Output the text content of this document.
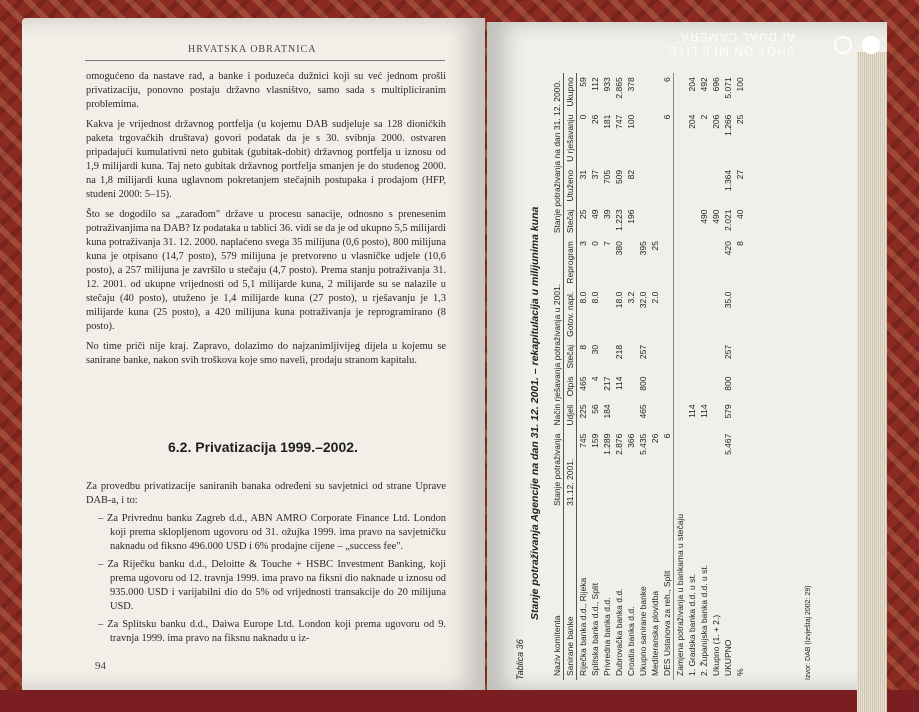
HRVATSKA OBRATNICA

omogućeno da nastave rad, a banke i poduzeća dužnici koji su već jednom prošli privatizaciju, ponovno postaju državno vlasništvo, samo sada s multipliciranim problemima.

Kakva je vrijednost državnog portfelja (u kojemu DAB sudjeluje sa 128 dioničkih paketa trgovačkih društava) govori podatak da je s 30. svibnja 2000. ostvaren pripadajući kumulativni neto gubitak (gubitak-dobit) državnog portfelja u iznosu od 1,9 milijardi kuna. Taj neto gubitak državnog portfelja smanjen je do studenog 2000. na 1,8 milijardi kuna uglavnom pokretanjem stečajnih postupaka i prodajom (HFP, studeni 2000: 5–15).

Što se dogodilo sa „zarađom" države u procesu sanacije, odnosno s prenesenim potraživanjima na DAB? Iz podataka u tablici 36. vidi se da je od ukupno 5,5 milijardi kuna potraživanja 31. 12. 2000. naplaćeno svega 35 milijuna (0,6 posto), 800 milijuna kuna je otpisano (14,7 posto), 579 milijuna je pretvoreno u vlasničke udjele (10,6 posto), a 257 milijuna je završilo u stečaju (4,7 posto). Prema stanju potraživanja 31. 12. 2001. od ukupne vrijednosti od 5,1 milijarde kuna, 2 milijarde su se nalazile u stečaju (40 posto), utuženo je 1,4 milijarde kuna (27 posto), u rješavanju je 1,3 milijarde kuna (25 posto), a 420 milijuna kuna potraživanja je reprogramirano (8 posto).

No time priči nije kraj. Zapravo, dolazimo do najzanimljivijeg dijela u kojemu se sanirane banke, nakon svih troškova koje smo naveli, prodaju stranom kapitalu.

6.2. Privatizacija 1999.–2002.

Za provedbu privatizacije saniranih banaka određeni su savjetnici od strane Uprave DAB-a, i to:

– Za Privrednu banku Zagreb d.d., ABN AMRO Corporate Finance Ltd. London koji prema sklopljenom ugovoru od 31. ožujka 1999. ima pravo na savjetničku naknadu od fiksno 496.000 USD i 6% prodajne cijene – „success fee".

– Za Riječku banku d.d., Deloitte & Touche + HSBC Investment Banking, koji prema ugovoru od 12. travnja 1999. ima pravo na fiksni dio naknade u iznosu od 935.000 USD i varijabilni dio do 5% od vrijednosti transakcije do 20 milijuna USD.

– Za Splitsku banku d.d., Daiwa Europe Ltd. London koji prema ugovoru od 9. travnja 1999. ima pravo na fiksnu naknadu u iz-

94	Tablica 36
Stanje potraživanja Agencije na dan 31. 12. 2001. – rekapitulacija u milijunima kuna
Naziv komitenta	Stanje potraživanja	Način rješavanja potraživanja u 2001.					Stanje potraživanja na dan 31. 12. 2000.			
Sanirane banke	31.12. 2001.	Udjeli	Otpis	Stečaj	Gotov. napl.	Reprogram	Stečaj	Utuženo	U rješavanju	Ukupno
Riječka banka d.d., Rijeka	745	225	465	8	8.0	3	25	31	0	59
Splitska banka d.d., Split	159	56	4	30	8.0	0	49	37	26	112
Privredna banka d.d.	1.289	184	217			7	39	705	181	933
Dubrovačka banka d.d.	2.876		114	218	18.0	380	1.223	509	747	2.865
Croatia banka d.d.	366				3.2		196	82	100	378
Ukupno sanirane banke	5.435	465	800	257	32.0	395				
Mediteranska plovidba	26				2.0	25				
DES Ustanova za reh., Split	6								6	6
Zamjena potraživanja u bankama u stečaju										
1. Gradska banka d.d. u st.		114							204	204
2. Županijska banka d.d. u st.		114					490		2	492
Ukupno (1. + 2.)							490		206	696
UKUPNO	5.467	579	800	257	35.0	420	2.021	1.364	1.266	5.071
%						8	40	27	25	100
Izvor: DAB (Izvještaj 2002: 29)
SHOT ON MI 8 LITE
AI DUAL CAMERA
